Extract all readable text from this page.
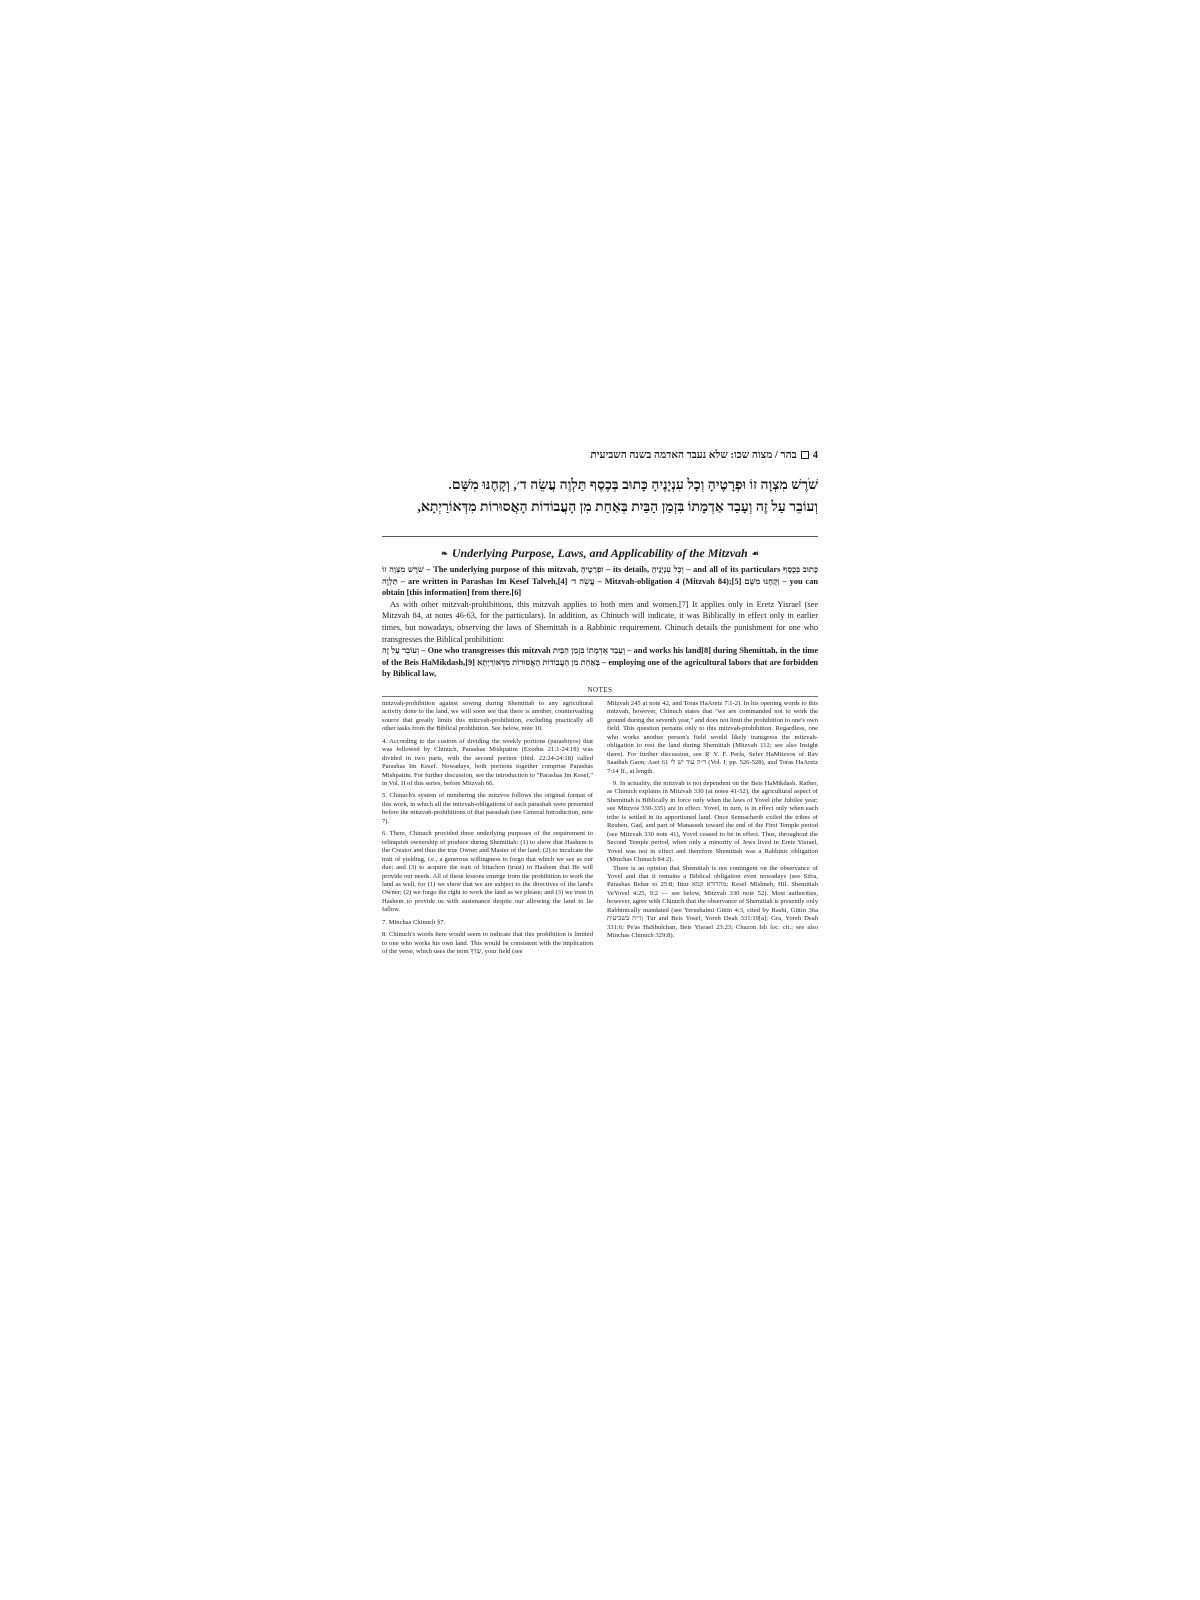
בהר / מצוה שכו: שלא נעבד האדמה בשנה השביעית 4
שֹׁרֶשׁ מִצְוָה זוֹ וּפְרָטֶיהָ וְכָל עִנְיָנֶיהָ כָּתוּב בְּכֶסֶף תַּלְוֶה עֲשֵׂה ד׳, וְקָחֶנּוּ מִשָּׁם.
וְעוֹבֵר עַל זֶה וְעָבַד אַדְמָתוֹ בִּזְמַן הַבַּיִת בְּאַחַת מִן הָעֲבוֹדוֹת הָאֲסוּרוֹת מִדְּאוֹרַיְתָא,
❧ Underlying Purpose, Laws, and Applicability of the Mitzvah ☙

שֹׁרֶשׁ מִצְוָה זוֹ – The underlying purpose of this mitzvah, וּפְרָטֶיהָ – its details, וְכָל עִנְיָנֶיהָ – and all of its particulars כָּתוּב בְּכֶסֶף תַּלְוֶה – are written in Parashas Im Kesef Talveh,[4] עֲשֵׂה ד׳ – Mitzvah-obligation 4 (Mitzvah 84);[5] וְקָחֶנּוּ מִשָּׁם – you can obtain [this information] from there.[6]

As with other mitzvah-prohibitions, this mitzvah applies to both men and women.[7] It applies only in Eretz Yisrael (see Mitzvah 84, at notes 46-63, for the particulars). In addition, as Chinuch will indicate, it was Biblically in effect only in earlier times, but nowadays, observing the laws of Shemittah is a Rabbinic requirement. Chinuch details the punishment for one who transgresses the Biblical prohibition:

וְעוֹבֵר עַל זֶה – One who transgresses this mitzvah וְעָבַד אַדְמָתוֹ בִּזְמַן הַבַּיִת – and works his land[8] during Shemittah, in the time of the Beis HaMikdash,[9] בְּאַחַת מִן הָעֲבוֹדוֹת הָאֲסוּרוֹת מִדְּאוֹרַיְתָא – employing one of the agricultural labors that are forbidden by Biblical law,

NOTES

mitzvah-prohibition against sowing during Shemittah to any agricultural activity done to the land, we will soon see that there is another, countervailing source that greatly limits this mitzvah-prohibition, excluding practically all other tasks from the Biblical prohibition. See below, note 10.

4. According to the custom of dividing the weekly portions (parashiyos) that was followed by Chinuch, Parashas Mishpatim (Exodus 21:1-24:18) was divided in two parts, with the second portion (ibid. 22:24-24:18) called Parashas Im Kesef. Nowadays, both portions together comprise Parashas Mishpatim. For further discussion, see the introduction to "Parashas Im Kesef," in Vol. II of this series, before Mitzvah 66.

5. Chinuch's system of numbering the mitzvos follows the original format of this work, in which all the mitzvah-obligations of each parashah were presented before the mitzvah-prohibitions of that parashah (see General Introduction, note 7).

6. There, Chinuch provided three underlying purposes of the requirement to relinquish ownership of produce during Shemittah: (1) to show that Hashem is the Creator and thus the true Owner and Master of the land; (2) to inculcate the trait of yielding, i.e., a generous willingness to forgo that which we see as our due; and (3) to acquire the trait of bitachon (trust) in Hashem that He will provide our needs. All of these lessons emerge from the prohibition to work the land as well, for (1) we show that we are subject to the directives of the land's Owner; (2) we forgo the right to work the land as we please; and (3) we trust in Hashem to provide us with sustenance despite our allowing the land to lie fallow.

7. Minchas Chinuch §7.

8. Chinuch's words here would seem to indicate that this prohibition is limited to one who works his own land. This would be consistent with the implication of the verse, which uses the term שָׂדְךָ, your field (see

Mitzvah 245 at note 42, and Toras HaAretz 7:1-2). In his opening words to this mitzvah, however, Chinuch states that "we are commanded not to work the ground during the seventh year," and does not limit the prohibition to one's own field. This question pertains only to this mitzvah-prohibition. Regardless, one who works another person's field would likely transgress the mitzvah-obligation to rest the land during Shemittah (Mitzvah 112; see also Insight there). For further discussion, see R' Y. F. Perla, Sefer HaMitzvos of Rav Saadiah Gaon, Asei 61 ד״ה עוד יש לי (Vol. I, pp. 526-528), and Toras HaAretz 7:14 ff., at length.

9. In actuality, the mitzvah is not dependent on the Beis HaMikdash. Rather, as Chinuch explains in Mitzvah 330 (at notes 41-52), the agricultural aspect of Shemittah is Biblically in force only when the laws of Yovel (the Jubilee year; see Mitzvos 330-335) are in effect. Yovel, in turn, is in effect only when each tribe is settled in its apportioned land. Once Sennacherib exiled the tribes of Reuben, Gad, and part of Manasseh toward the end of the First Temple period (see Mitzvah 330 note 41), Yovel ceased to be in effect. Thus, throughout the Second Temple period, when only a minority of Jews lived in Eretz Yisrael, Yovel was not in effect and therefore Shemittah was a Rabbinic obligation (Minchas Chinuch 84:2).

There is an opinion that Shemittah is not contingent on the observance of Yovel and that it remains a Biblical obligation even nowadays (see Sifra, Parashas Behar to 25:8; Ittur מהדורא קמא; Kesef Mishneh, Hil. Shemittah VeYovel 4:25, 9:2 — see below, Mitzvah 330 note 52). Most authorities, however, agree with Chinuch that the observance of Shemittah is presently only Rabbinically mandated (see Yerushalmi Gittin 4:3, cited by Rashi, Gittin 36a ד״ה בשביעית; Tur and Beis Yosef, Yoreh Deah 331:19[a]; Gra, Yoreh Deah 331:6; Pe'as HaShulchan, Beis Yisrael 23:23; Chazon Ish loc. cit.; see also Minchas Chinuch 329:8).
